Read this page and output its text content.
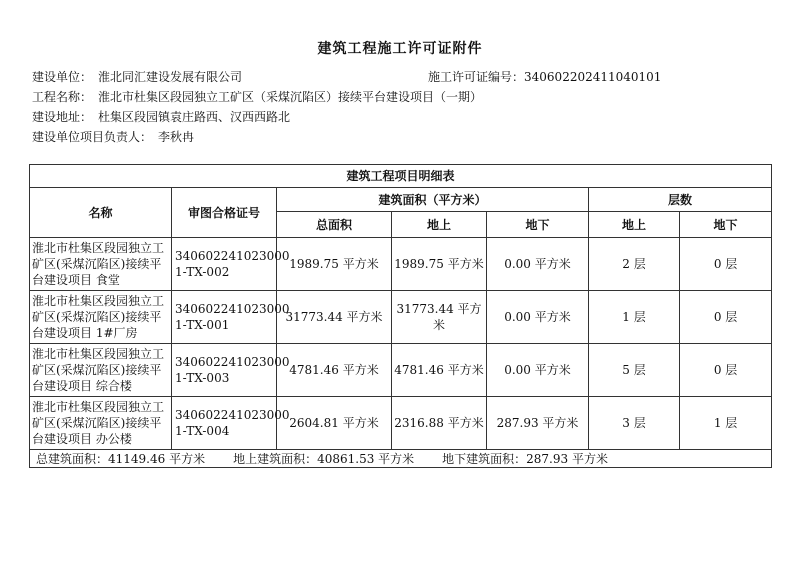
建筑工程施工许可证附件
建设单位： 淮北同汇建设发展有限公司	施工许可证编号：340602202411040101
工程名称： 淮北市杜集区段园独立工矿区（采煤沉陷区）接续平台建设项目（一期）
建设地址： 杜集区段园镇袁庄路西、汉西西路北
建设单位项目负责人： 李秋冉
建筑工程项目明细表						
名称	审图合格证号	建筑面积（平方米）			层数	
		总面积	地上	地下	地上	地下
淮北市杜集区段园独立工矿区(采煤沉陷区)接续平台建设项目 食堂	340602241023000 1-TX-002	1989.75 平方米	1989.75 平方米	0.00 平方米	2 层	0 层
淮北市杜集区段园独立工矿区(采煤沉陷区)接续平台建设项目 1#厂房	340602241023000 1-TX-001	31773.44 平方米	31773.44 平方米	0.00 平方米	1 层	0 层
淮北市杜集区段园独立工矿区(采煤沉陷区)接续平台建设项目 综合楼	340602241023000 1-TX-003	4781.46 平方米	4781.46 平方米	0.00 平方米	5 层	0 层
淮北市杜集区段园独立工矿区(采煤沉陷区)接续平台建设项目 办公楼	340602241023000 1-TX-004	2604.81 平方米	2316.88 平方米	287.93 平方米	3 层	1 层
总建筑面积：41149.46 平方米 地上建筑面积：40861.53 平方米 地下建筑面积：287.93 平方米						
